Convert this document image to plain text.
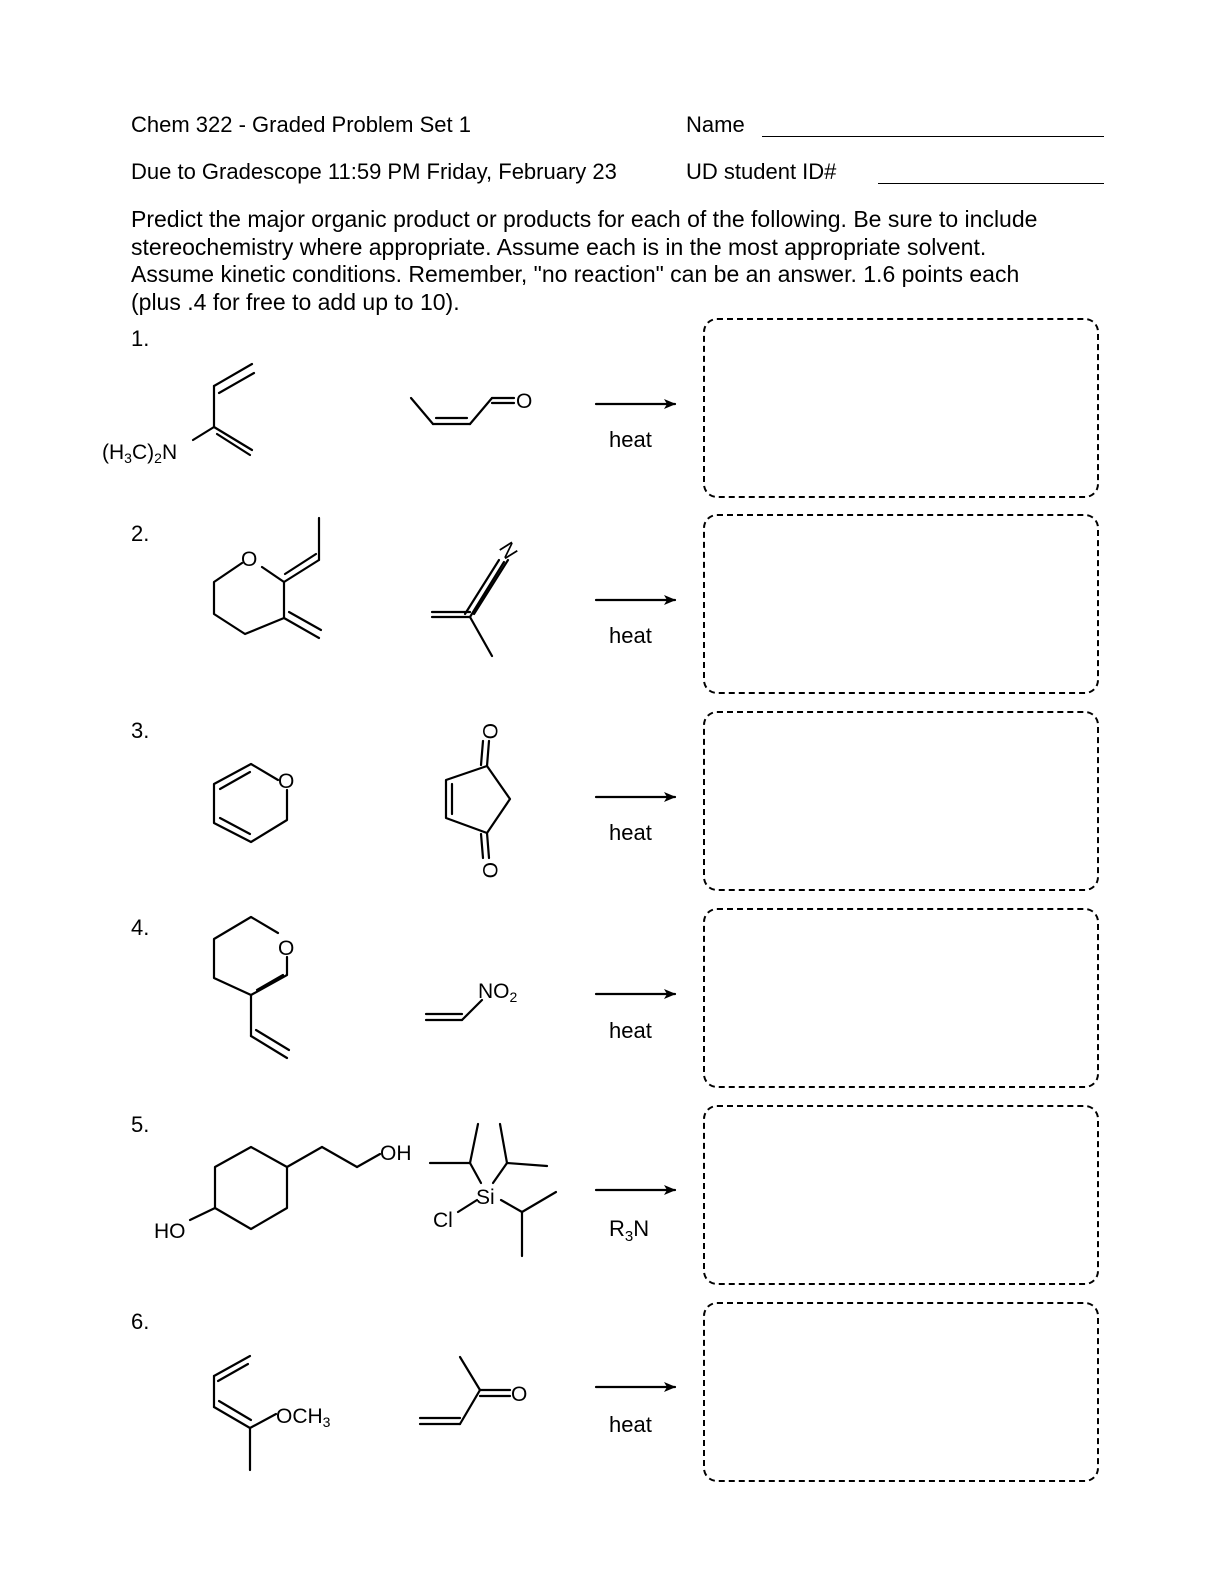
Chem 322 - Graded Problem Set 1	Name
Due to Gradescope 11:59 PM Friday, February 23	UD student ID#

Predict the major organic product or products for each of the following. Be sure to include

stereochemistry where appropriate. Assume each is in the most appropriate solvent.

Assume kinetic conditions. Remember, "no reaction" can be an answer. 1.6 points each

(plus .4 for free to add up to 10).

1.
2.
3.
4.
5.
6.
heat
heat
heat
heat
$R_3N$
heat
(H3C)2N
O
O	N
O
O
O
O
NO2
HO
OH
Si
Cl
OCH3
O
